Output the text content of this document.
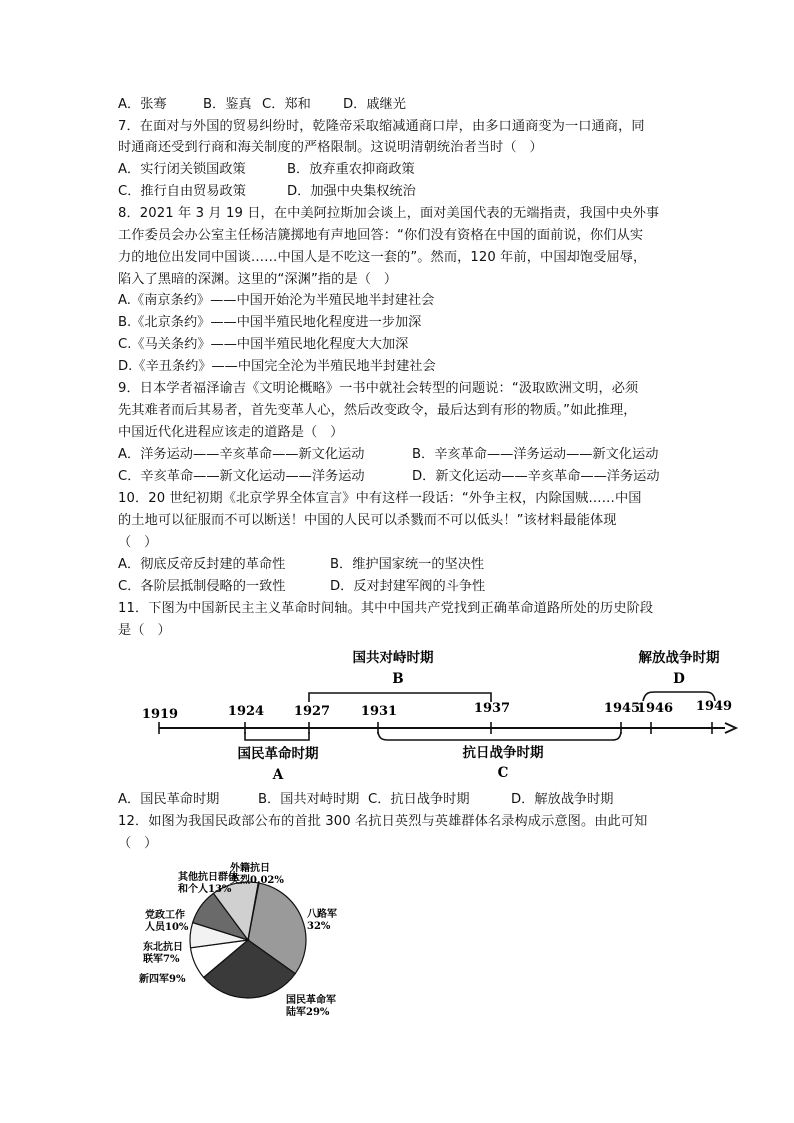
A．张骞	B．鉴真 C．郑和 D．戚继光
7．在面对与外国的贸易纠纷时，乾隆帝采取缩减通商口岸，由多口通商变为一口通商，同
时通商还受到行商和海关制度的严格限制。这说明清朝统治者当时（   ）
A．实行闭关锁国政策	B．放弃重农抑商政策
C．推行自由贸易政策	D．加强中央集权统治
8．2021 年 3 月 19 日，在中美阿拉斯加会谈上，面对美国代表的无端指责，我国中央外事
工作委员会办公室主任杨洁篪掷地有声地回答：“你们没有资格在中国的面前说，你们从实
力的地位出发同中国谈……中国人是不吃这一套的”。然而，120 年前，中国却饱受屈辱，
陷入了黑暗的深渊。这里的“深渊”指的是（   ）
A.《南京条约》——中国开始沦为半殖民地半封建社会
B.《北京条约》——中国半殖民地化程度进一步加深
C.《马关条约》——中国半殖民地化程度大大加深
D.《辛丑条约》——中国完全沦为半殖民地半封建社会
9．日本学者福泽谕吉《文明论概略》一书中就社会转型的问题说：“汲取欧洲文明，必须
先其难者而后其易者，首先变革人心，然后改变政令，最后达到有形的物质。”如此推理，
中国近代化进程应该走的道路是（   ）
A．洋务运动——辛亥革命——新文化运动	B．辛亥革命——洋务运动——新文化运动
C．辛亥革命——新文化运动——洋务运动	D．新文化运动——辛亥革命——洋务运动
10．20 世纪初期《北京学界全体宣言》中有这样一段话：“外争主权，内除国贼……中国
的土地可以征服而不可以断送！中国的人民可以杀戮而不可以低头！”该材料最能体现
（   ）
A．彻底反帝反封建的革命性	B．维护国家统一的坚决性
C．各阶层抵制侵略的一致性	D．反对封建军阀的斗争性
11．下图为中国新民主主义革命时间轴。其中中国共产党找到正确革命道路所处的历史阶段
是（   ）
国共对峙时期	解放战争时期
B	D
1919	1924 1927 1931	1937	1945
1946 1949
国民革命时期	抗日战争时期
A	C
A．国民革命时期	B．国共对峙时期 C．抗日战争时期	D．解放战争时期
12．如图为我国民政部公布的首批 300 名抗日英烈与英雄群体名录构成示意图。由此可知
（   ）
八路军 32%
国民革命军陆军29%
新四军9%
东北抗日联军7%
党政工作人员10%
其他抗日群体和个人13%
外籍抗日英烈0.02%
